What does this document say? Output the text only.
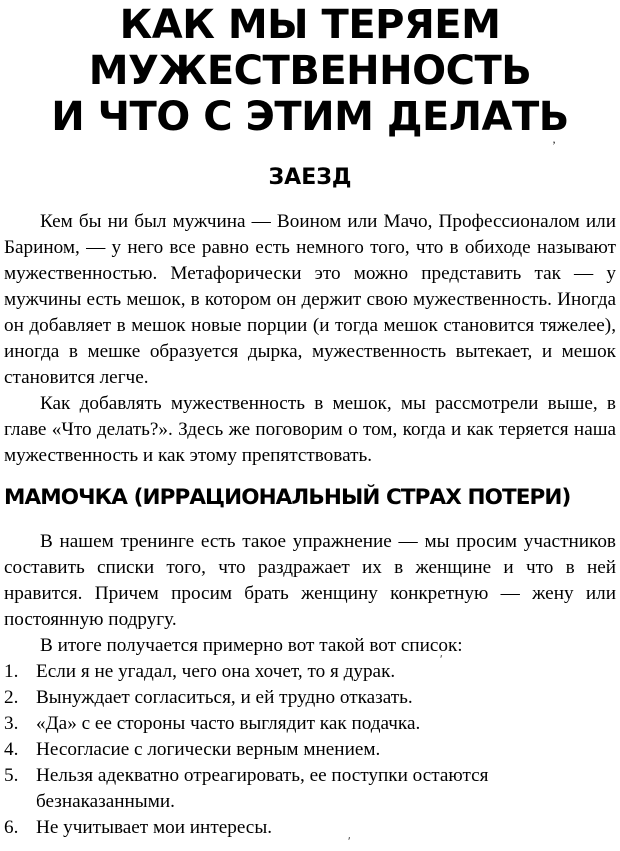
КАК МЫ ТЕРЯЕМ
МУЖЕСТВЕННОСТЬ
И ЧТО С ЭТИМ ДЕЛАТЬ
’
ЗАЕЗД

Кем бы ни был мужчина — Воином или Мачо, Профессионалом или Барином, — у него все равно есть немного того, что в обиходе называют мужественностью. Метафорически это можно представить так — у мужчины есть мешок, в котором он держит свою мужественность. Иногда он добавляет в мешок новые порции (и тогда мешок становится тяжелее), иногда в мешке образуется дырка, мужественность вытекает, и мешок становится легче.

Как добавлять мужественность в мешок, мы рассмотрели выше, в главе «Что делать?». Здесь же поговорим о том, когда и как теряется наша мужественность и как этому препятствовать.

МАМОЧКА (ИРРАЦИОНАЛЬНЫЙ СТРАХ ПОТЕРИ)

В нашем тренинге есть такое упражнение — мы просим участников составить списки того, что раздражает их в женщине и что в ней нравится. Причем просим брать женщину конкретную — жену или постоянную подругу.

В итоге получается примерно вот такой вот список:

1. Если я не угадал, чего она хочет, то я дурак.
2. Вынуждает согласиться, и ей трудно отказать.
3. «Да» с ее стороны часто выглядит как подачка.
4. Несогласие с логически верным мнением.
5. Нельзя адекватно отреагировать, ее поступки остаются безнаказанными.
6. Не учитывает мои интересы.
ʹ
ʹ
